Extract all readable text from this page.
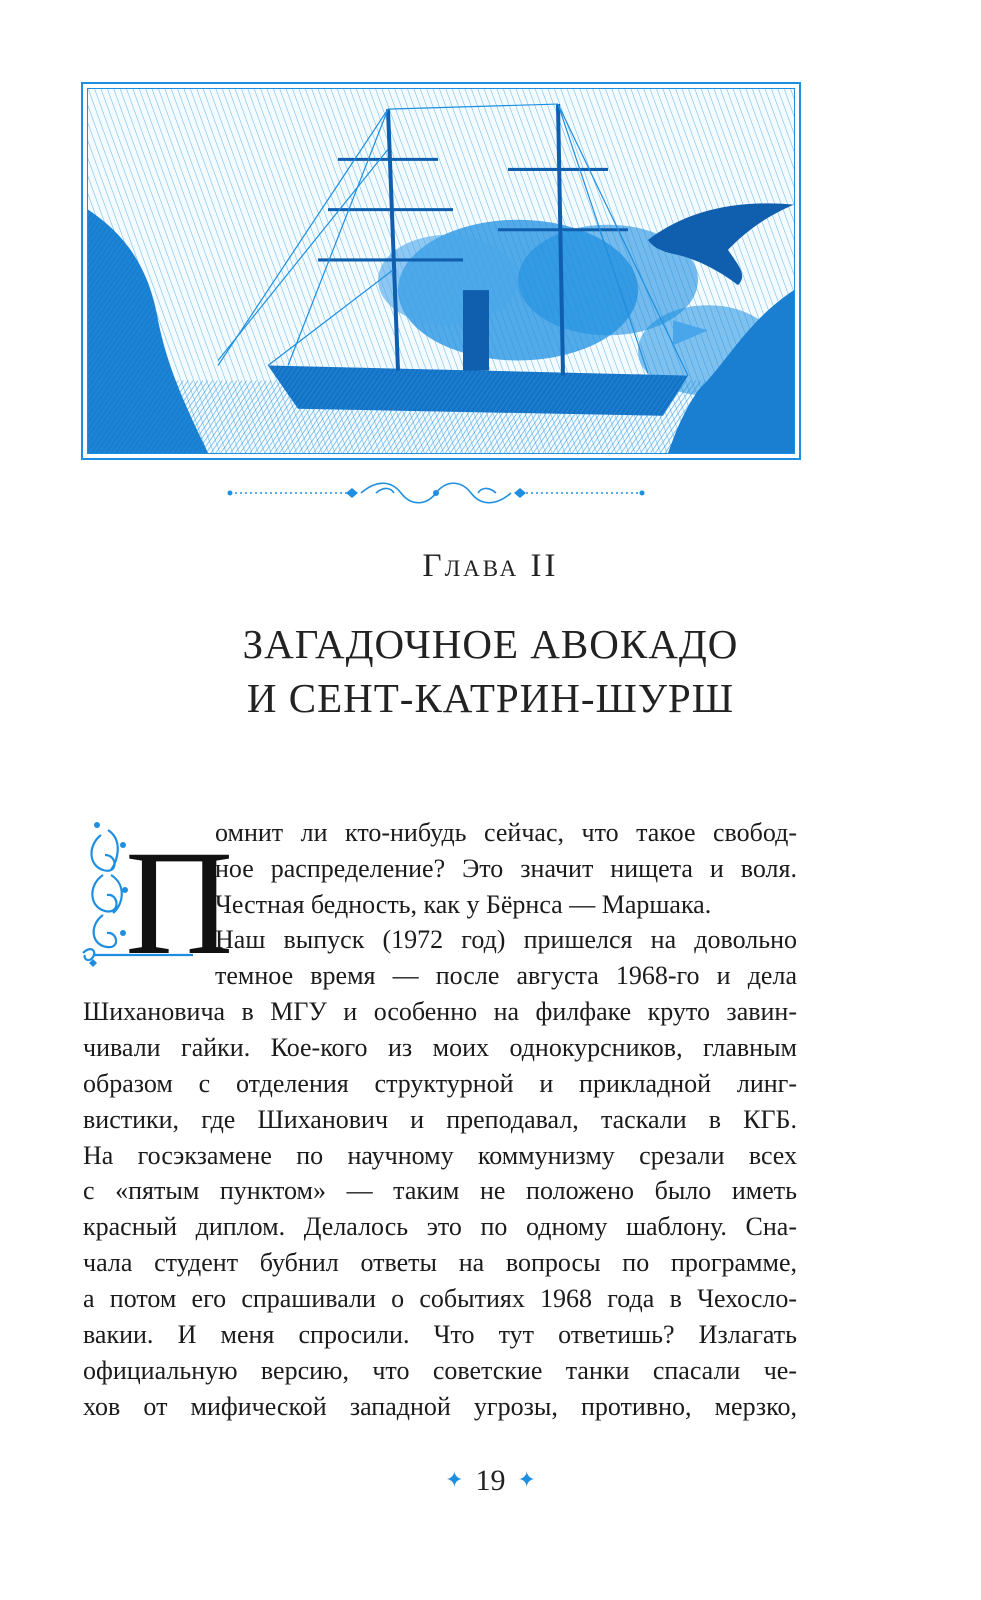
Глава II
ЗАГАДОЧНОЕ АВОКАДО
И СЕНТ-КАТРИН-ШУРШ
П
омнит ли кто-нибудь сейчас, что такое свобод-
ное распределение? Это значит нищета и воля.
Честная бедность, как у Бёрнса — Маршака.
Наш выпуск (1972 год) пришелся на довольно
темное время — после августа 1968-го и дела
Шихановича в МГУ и особенно на филфаке круто завин-
чивали гайки. Кое-кого из моих однокурсников, главным
образом с отделения структурной и прикладной линг-
вистики, где Шиханович и преподавал, таскали в КГБ.
На госэкзамене по научному коммунизму срезали всех
с «пятым пунктом» — таким не положено было иметь
красный диплом. Делалось это по одному шаблону. Сна-
чала студент бубнил ответы на вопросы по программе,
а потом его спрашивали о событиях 1968 года в Чехосло-
вакии. И меня спросили. Что тут ответишь? Излагать
официальную версию, что советские танки спасали че-
хов от мифической западной угрозы, противно, мерзко,
✦ 19 ✦
